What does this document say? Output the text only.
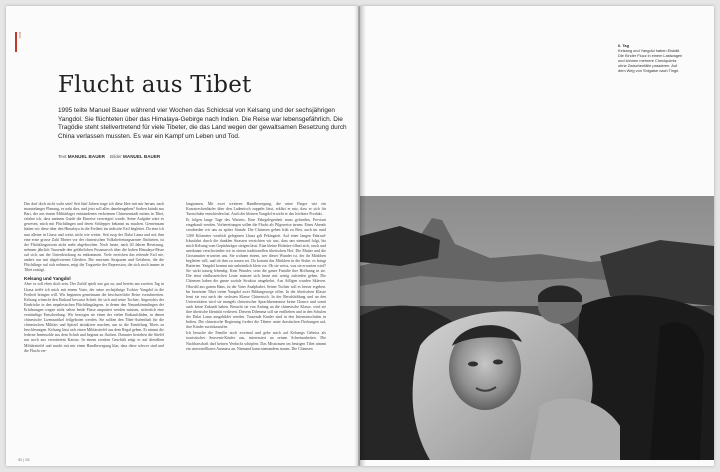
EXIL
Flucht aus Tibet

1995 teilte Manuel Bauer während vier Wochen das Schicksal von Kelsang und der sechsjährigen Yangdol. Sie flüchteten über das Himalaya-Gebirge nach Indien. Die Reise war lebensgefährlich. Die Tragödie steht stellvertretend für viele Tibeter, die das Land wegen der gewaltsamen Besetzung durch China verlassen mussten. Es war ein Kampf um Leben und Tod.

Text MANUEL BAUER Bilder MANUEL BAUER

Das darf doch nicht wahr sein! Seit fünf Jahren trage ich diese Idee mit mir herum, nach monatelanger Planung, es naht dies, und jetzt soll alles danebengehen? Sorben kränkt aus Bari, der aus einem Militärlager entstandenen verbotenen Chinesenstadt mitten in Tibet, erfahre ich, dass meinem Guide die Einreise verweigert wurde. Seine Aufgabe wäre es gewesen, mich mit Flüchtlingen und deren Schlepper bekannt zu machen. Gemeinsam hätten wir diese über den Himalaya in die Freiheit ins indische Exil begleitet. Da eine ich nun alleine in Lhasa und weiss nicht wie weiter. Seit rusp der Dalai Lama und mit ihm eine erste grosse Zahl Tibeter vor der chinesischen Volksbefreiungsarmee flüchteten, ist der Flüchtlingsstrom nicht mehr abgebrochen. Noch heute, nach 40 Jahren Besetzung, nehmen jährlich Tausende den gefährlichen Fussmarsch über die hohen Himalaya-Pässe auf sich, um der Unterdrückung zu entkommen. Viele erreichen das rettende Exil nie, andere nur mit abgefrorenen Gliedern. Die enormen Strapazen und Gefahren, die die Flüchtlinge auf sich nehmen, zeigt die Tragweite der Repression, die sich noch immer in Tibet zuträgt.

Kelsang und Yangdol

Aber es soll eben doch sein. Der Zufall spielt mir gut zu, und bereits am zweiten Tag in Lhasa treffe ich mich mit einem Vater, der seine sechsjährige Tochter Yangdol in die Freiheit bringen will. Wir beginnen gemeinsam die beschwerliche Reise vorzubereiten. Kelsang wünscht den Einkauf bewusst Schritt für sich und seine Tochter. Angesichts der Eindrücke in den nepalesischen Flüchtlingslagern, in denen den Neuankömmlingen der Erfahrungen wegen nicht selten beide Füsse amputiert werden müssen, sichertich eine vernünftige Entscheidung. Wir besorgen sie einen der vielen Einkaufsläden, in denen chinesische Lizenzartikel feilgeboten werden. Sie sollten den Tibet-Aufenthalt für die chinesischen Militärs und Spitzel attraktiver machen, um so die Ermittlung Tibets zu beschleunigen. Kelsang lässt sich einen Militärstiefel aus dem Regal geben. Er nimmt die lederne Innensohle aus dem Schuh und beginnt zu fluchen. Darunter bestehen die Stiefel nur noch aus verrottetem Karton. In einem zweiten Geschäft zeigt er auf dieselben Militärstiefel und macht mit mir einen Handbewegung klar, dass diese schwer sind und die Flucht ver-

langsamen. Mit zwei weiteren Handbewegung, die seine Finger wie ein Kurzstreckenläufer über den Ladentisch zappeln lässt, erklärt er mir, dass er sich für Turnschuhe entschieden hat. Auch der kleinen Yangdol erwirbt er das leichtere Produkt.

Er folgen lange Tage des Wartens. Eine Fahrgelegenheit muss gefunden, Proviant eingekauft werden. Vorbereitungen sollen die Flucht als Pilgerreise tarnen. Eines Abends verabreden wir uns zu später Stunde. Die Chinesen gehen früh zu Bett, auch im rund 1200 Kilometer westlich gelegenen Lhasa gilt Pekingzeit. Auf einer langen Fahrrad-Irkusfahrt durch die dunklen Strassen verzichten wir uns, dass uns niemand folgt, bis mich Kelsang vom Gepäckträger steigen lässt. Eine kleine Holztüre öffnet sich, rasch und unerkannt verschwinden wir in einem traditionellen tibetischen Hof. Die Mutter und die Grossmutter erwarten uns. Sie wohnen einem, wer dieser Wunder ist, der ihr Mädchen begleiten will, und ob ihm zu trauen sei. Da kommt das Mädchen in die Stube, es bringt Buttertee. Yangdol kommt mir unheimlich klein vor. Ob sie weiss, was sie erwarten wird? Sie wirkt traurig lebendig. Kein Wunder, setzt die ganze Familie ihre Hoffnung in sie. Die einst einflussreichen Leute müssen sich heute mit wenig zufrieden geben. Die Chinesen haben die ganze soziale Struktur umgekehrt. Aus Adligen wurden Sklaven. Obwohl aus gutem Haus, ist der Vater Analphabet. Seiner Tochter soll es besser ergehen. Im besetzten Tibet treten Yangdol zwei Bildungswege offen. In der tibetischen Klasse lernt sie erst nach der sechsten Klasse Chinesisch. In der Berufsbildung und an den Universitäten wird sie mangels chinesischer Sprachkenntnisse keine Chance und somit auch keine Zukunft haben. Besucht sie von Anfang an die chinesische Klasse, wird sie ihre tibetische Identität verlieren. Diesem Dilemma soll sie entfliehen und in den Schulen der Dalai Lama ausgebildet werden. Tausende Kinder sind in den Internatsschulen in Indien. Die chinesische Regierung fordert die Tibeter unter drastischen Drohungen auf, ihre Kinder zurückzurufen.

Ich besuche die Familie noch zweimal und gebe mich auf Kelsangs Geheiss als touristischer Souvenir-Käufer aus, interessiert an seinen Schreinarbeiten. Die Nachbarschaft darf keinen Verdacht schöpfen. Das Misstrauen im heutigen Tibet nimmt ein unvorstellbares Ausmass an. Niemand kann niemandem trauen. Die Chinesen

92 | 93
6. Tag
Kelsang und Yangdol haben Eiskält. Die Kinder Flucz in einem Lastwagen und können mehrere Checkpoints ohne Zwischenfälle passieren. Auf dem Weg von Shigatse nach Tingri.
